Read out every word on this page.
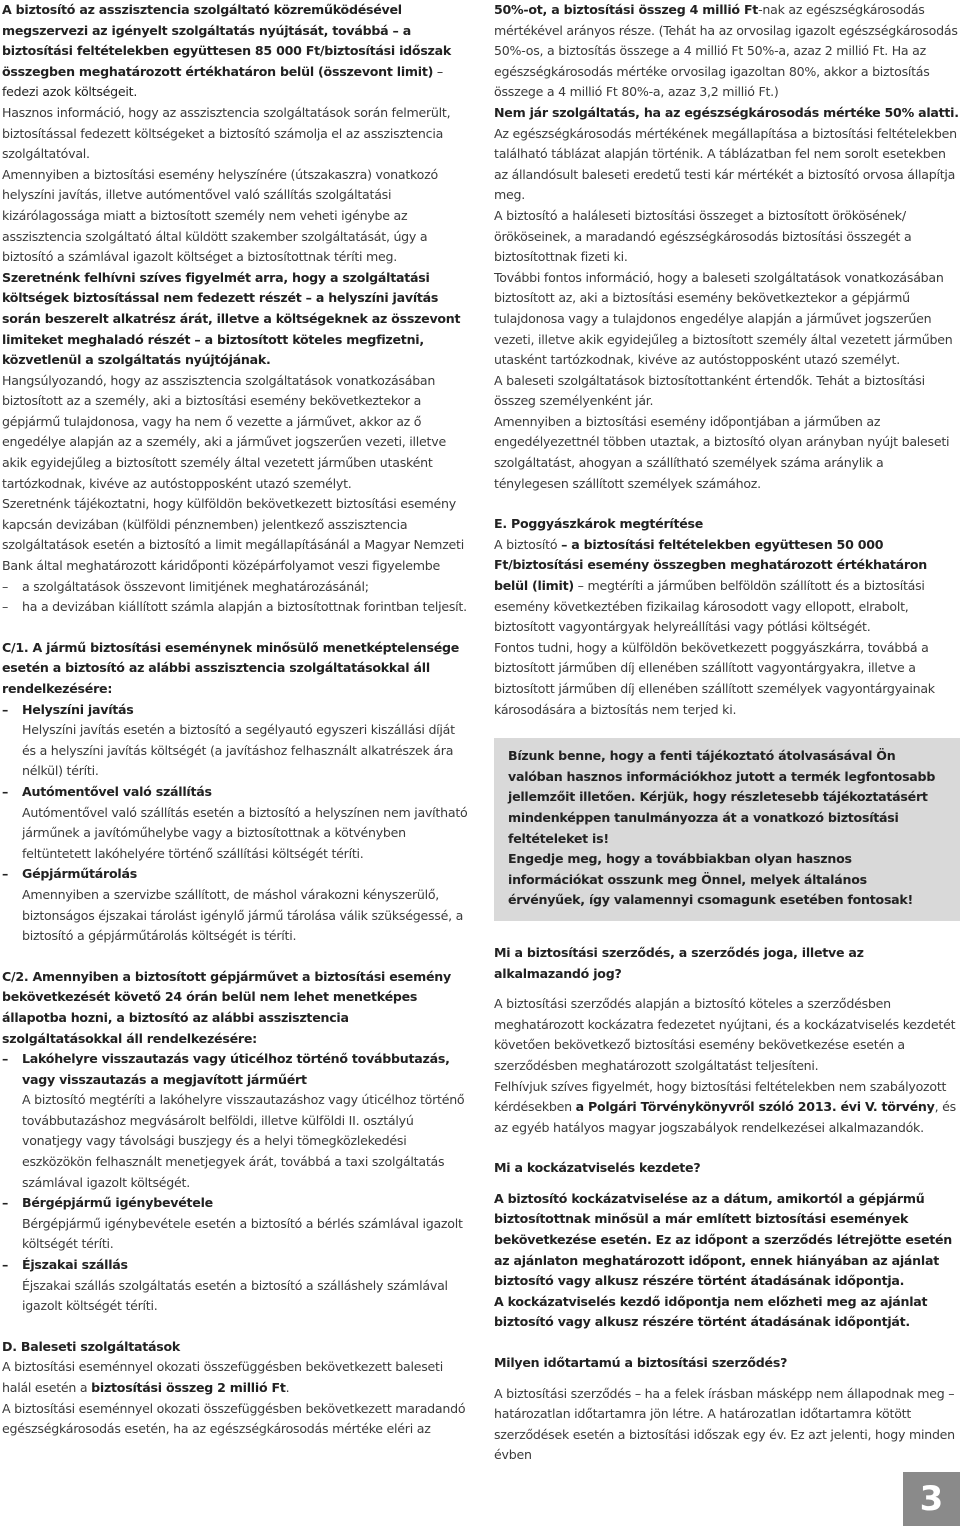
A biztosító az asszisztencia szolgáltató közreműködésével megszervezi az igényelt szolgáltatás nyújtását, továbbá – a biztosítási feltételekben együttesen 85 000 Ft/biztosítási időszak összegben meghatározott értékhatáron belül (összevont limit) – fedezi azok költségeit.

Hasznos információ, hogy az asszisztencia szolgáltatások során felmerült, biztosítással fedezett költségeket a biztosító számolja el az asszisztencia szolgáltatóval.

Amennyiben a biztosítási esemény helyszínére (útszakaszra) vonatkozó helyszíni javítás, illetve autómentővel való szállítás szolgáltatási kizárólagossága miatt a biztosított személy nem veheti igénybe az asszisztencia szolgáltató által küldött szakember szolgáltatását, úgy a biztosító a számlával igazolt költséget a biztosítottnak téríti meg.

Szeretnénk felhívni szíves figyelmét arra, hogy a szolgáltatási költségek biztosítással nem fedezett részét – a helyszíni javítás során beszerelt alkatrész árát, illetve a költségeknek az összevont limiteket meghaladó részét – a biztosított köteles megfizetni, közvetlenül a szolgáltatás nyújtójának.

Hangsúlyozandó, hogy az asszisztencia szolgáltatások vonatkozásában biztosított az a személy, aki a biztosítási esemény bekövetkeztekor a gépjármű tulajdonosa, vagy ha nem ő vezette a járművet, akkor az ő engedélye alapján az a személy, aki a járművet jogszerűen vezeti, illetve akik egyidejűleg a biztosított személy által vezetett járműben utasként tartózkodnak, kivéve az autóstopposként utazó személyt.

Szeretnénk tájékoztatni, hogy külföldön bekövetkezett biztosítási esemény kapcsán devizában (külföldi pénznemben) jelentkező asszisztencia szolgáltatások esetén a biztosító a limit megállapításánál a Magyar Nemzeti Bank által meghatározott káridőponti középárfolyamot veszi figyelembe

– a szolgáltatások összevont limitjének meghatározásánál;

– ha a devizában kiállított számla alapján a biztosítottnak forintban teljesít.

C/1. A jármű biztosítási eseménynek minősülő menetképtelensége esetén a biztosító az alábbi asszisztencia szolgáltatásokkal áll rendelkezésére:

– Helyszíni javítás

Helyszíni javítás esetén a biztosító a segélyautó egyszeri kiszállási díját és a helyszíni javítás költségét (a javításhoz felhasznált alkatrészek ára nélkül) téríti.

– Autómentővel való szállítás

Autómentővel való szállítás esetén a biztosító a helyszínen nem javítható járműnek a javítóműhelybe vagy a biztosítottnak a kötvényben feltüntetett lakóhelyére történő szállítási költségét téríti.

– Gépjárműtárolás

Amennyiben a szervizbe szállított, de máshol várakozni kényszerülő, biztonságos éjszakai tárolást igénylő jármű tárolása válik szükségessé, a biztosító a gépjárműtárolás költségét is téríti.

C/2. Amennyiben a biztosított gépjárművet a biztosítási esemény bekövetkezését követő 24 órán belül nem lehet menetképes állapotba hozni, a biztosító az alábbi asszisztencia szolgáltatásokkal áll rendelkezésére:

– Lakóhelyre visszautazás vagy úticélhoz történő továbbutazás, vagy visszautazás a megjavított járműért

A biztosító megtéríti a lakóhelyre visszautazáshoz vagy úticélhoz történő továbbutazáshoz megvásárolt belföldi, illetve külföldi II. osztályú vonatjegy vagy távolsági buszjegy és a helyi tömegközlekedési eszközökön felhasznált menetjegyek árát, továbbá a taxi szolgáltatás számlával igazolt költségét.

– Bérgépjármű igénybevétele

Bérgépjármű igénybevétele esetén a biztosító a bérlés számlával igazolt költségét téríti.

– Éjszakai szállás

Éjszakai szállás szolgáltatás esetén a biztosító a szálláshely számlával igazolt költségét téríti.

D. Baleseti szolgáltatások

A biztosítási eseménnyel okozati összefüggésben bekövetkezett baleseti halál esetén a biztosítási összeg 2 millió Ft.

A biztosítási eseménnyel okozati összefüggésben bekövetkezett maradandó egészségkárosodás esetén, ha az egészségkárosodás mértéke eléri az

50%-ot, a biztosítási összeg 4 millió Ft-nak az egészségkárosodás mértékével arányos része. (Tehát ha az orvosilag igazolt egészségkárosodás 50%-os, a biztosítás összege a 4 millió Ft 50%-a, azaz 2 millió Ft. Ha az egészségkárosodás mértéke orvosilag igazoltan 80%, akkor a biztosítás összege a 4 millió Ft 80%-a, azaz 3,2 millió Ft.)

Nem jár szolgáltatás, ha az egészségkárosodás mértéke 50% alatti.

Az egészségkárosodás mértékének megállapítása a biztosítási feltételekben található táblázat alapján történik. A táblázatban fel nem sorolt esetekben az állandósult baleseti eredetű testi kár mértékét a biztosító orvosa állapítja meg.

A biztosító a haláleseti biztosítási összeget a biztosított örökösének/örököseinek, a maradandó egészségkárosodás biztosítási összegét a biztosítottnak fizeti ki.

További fontos információ, hogy a baleseti szolgáltatások vonatkozásában biztosított az, aki a biztosítási esemény bekövetkeztekor a gépjármű tulajdonosa vagy a tulajdonos engedélye alapján a járművet jogszerűen vezeti, illetve akik egyidejűleg a biztosított személy által vezetett járműben utasként tartózkodnak, kivéve az autóstopposként utazó személyt.

A baleseti szolgáltatások biztosítottanként értendők. Tehát a biztosítási összeg személyenként jár.

Amennyiben a biztosítási esemény időpontjában a járműben az engedélyezettnél többen utaztak, a biztosító olyan arányban nyújt baleseti szolgáltatást, ahogyan a szállítható személyek száma aránylik a ténylegesen szállított személyek számához.

E. Poggyászkárok megtérítése

A biztosító – a biztosítási feltételekben együttesen 50 000 Ft/biztosítási esemény összegben meghatározott értékhatáron belül (limit) – megtéríti a járműben belföldön szállított és a biztosítási esemény következtében fizikailag károsodott vagy ellopott, elrabolt, biztosított vagyontárgyak helyreállítási vagy pótlási költségét.

Fontos tudni, hogy a külföldön bekövetkezett poggyászkárra, továbbá a biztosított járműben díj ellenében szállított vagyontárgyakra, illetve a biztosított járműben díj ellenében szállított személyek vagyontárgyainak károsodására a biztosítás nem terjed ki.

Bízunk benne, hogy a fenti tájékoztató átolvasásával Ön valóban hasznos információkhoz jutott a termék legfontosabb jellemzőit illetően. Kérjük, hogy részletesebb tájékoztatásért mindenképpen tanulmányozza át a vonatkozó biztosítási feltételeket is!

Engedje meg, hogy a továbbiakban olyan hasznos információkat osszunk meg Önnel, melyek általános érvényűek, így valamennyi csomagunk esetében fontosak!

Mi a biztosítási szerződés, a szerződés joga, illetve az alkalmazandó jog?

A biztosítási szerződés alapján a biztosító köteles a szerződésben meghatározott kockázatra fedezetet nyújtani, és a kockázatviselés kezdetét követően bekövetkező biztosítási esemény bekövetkezése esetén a szerződésben meghatározott szolgáltatást teljesíteni.

Felhívjuk szíves figyelmét, hogy biztosítási feltételekben nem szabályozott kérdésekben a Polgári Törvénykönyvről szóló 2013. évi V. törvény, és az egyéb hatályos magyar jogszabályok rendelkezései alkalmazandók.

Mi a kockázatviselés kezdete?

A biztosító kockázatviselése az a dátum, amikortól a gépjármű biztosítottnak minősül a már említett biztosítási események bekövetkezése esetén. Ez az időpont a szerződés létrejötte esetén az ajánlaton meghatározott időpont, ennek hiányában az ajánlat biztosító vagy alkusz részére történt átadásának időpontja.

A kockázatviselés kezdő időpontja nem előzheti meg az ajánlat biztosító vagy alkusz részére történt átadásának időpontját.

Milyen időtartamú a biztosítási szerződés?

A biztosítási szerződés – ha a felek írásban másképp nem állapodnak meg – határozatlan időtartamra jön létre. A határozatlan időtartamra kötött szerződések esetén a biztosítási időszak egy év. Ez azt jelenti, hogy minden évben

3
